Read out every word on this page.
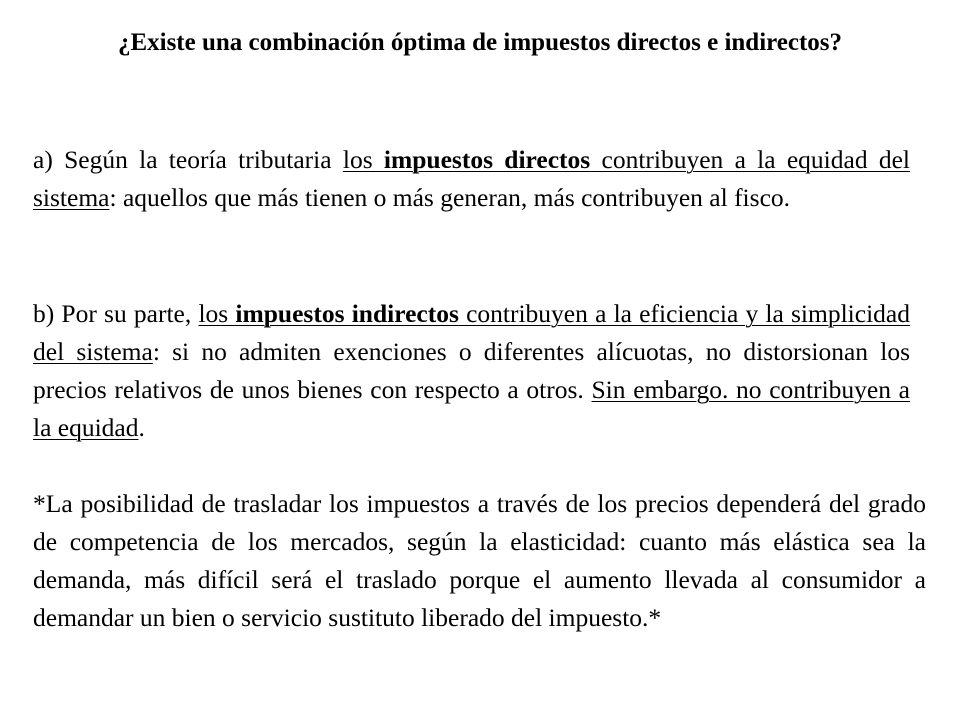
¿Existe una combinación óptima de impuestos directos e indirectos?

a) Según la teoría tributaria los impuestos directos contribuyen a la equidad del sistema: aquellos que más tienen o más generan, más contribuyen al fisco.

b) Por su parte, los impuestos indirectos contribuyen a la eficiencia y la simplicidad del sistema: si no admiten exenciones o diferentes alícuotas, no distorsionan los precios relativos de unos bienes con respecto a otros. Sin embargo. no contribuyen a la equidad.

*La posibilidad de trasladar los impuestos a través de los precios dependerá del grado de competencia de los mercados, según la elasticidad: cuanto más elástica sea la demanda, más difícil será el traslado porque el aumento llevada al consumidor a demandar un bien o servicio sustituto liberado del impuesto.*
